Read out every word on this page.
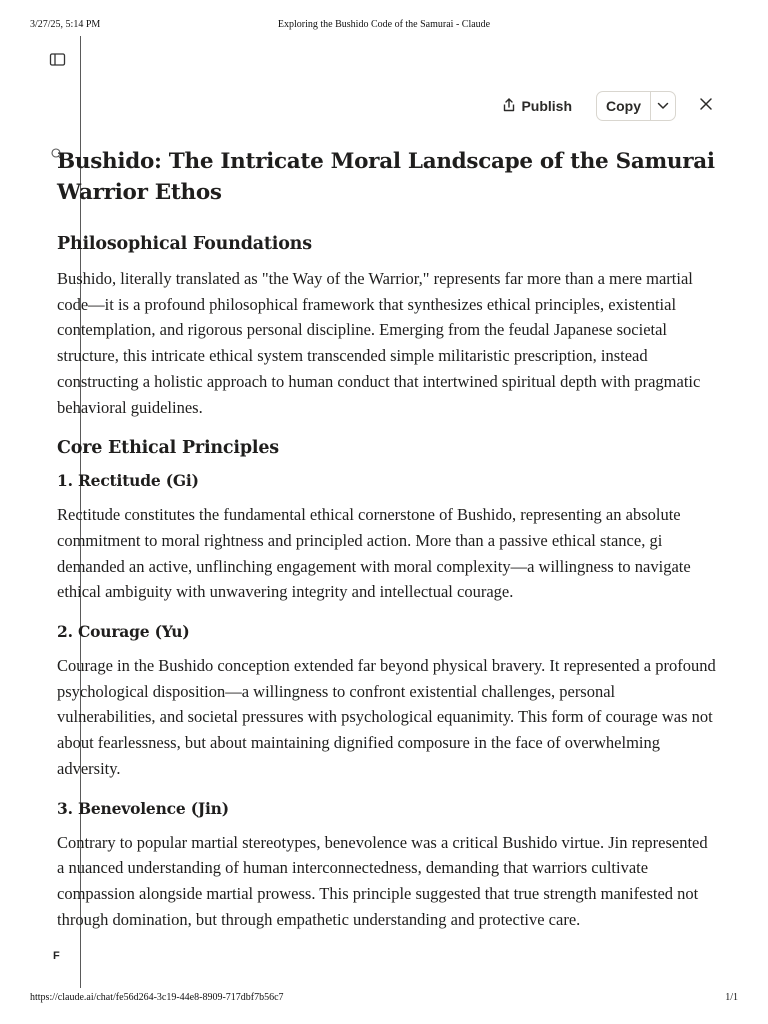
3/27/25, 5:14 PM	Exploring the Bushido Code of the Samurai - Claude
Publish	Copy
Bushido: The Intricate Moral Landscape of the Samurai Warrior Ethos
Philosophical Foundations

Bushido, literally translated as "the Way of the Warrior," represents far more than a mere martial code—it is a profound philosophical framework that synthesizes ethical principles, existential contemplation, and rigorous personal discipline. Emerging from the feudal Japanese societal structure, this intricate ethical system transcended simple militaristic prescription, instead constructing a holistic approach to human conduct that intertwined spiritual depth with pragmatic behavioral guidelines.

Core Ethical Principles
1. Rectitude (Gi)

Rectitude constitutes the fundamental ethical cornerstone of Bushido, representing an absolute commitment to moral rightness and principled action. More than a passive ethical stance, gi demanded an active, unflinching engagement with moral complexity—a willingness to navigate ethical ambiguity with unwavering integrity and intellectual courage.

2. Courage (Yu)

Courage in the Bushido conception extended far beyond physical bravery. It represented a profound psychological disposition—a willingness to confront existential challenges, personal vulnerabilities, and societal pressures with psychological equanimity. This form of courage was not about fearlessness, but about maintaining dignified composure in the face of overwhelming adversity.

3. Benevolence (Jin)

Contrary to popular martial stereotypes, benevolence was a critical Bushido virtue. Jin represented a nuanced understanding of human interconnectedness, demanding that warriors cultivate compassion alongside martial prowess. This principle suggested that true strength manifested not through domination, but through empathetic understanding and protective care.

F
https://claude.ai/chat/fe56d264-3c19-44e8-8909-717dbf7b56c7	1/1
